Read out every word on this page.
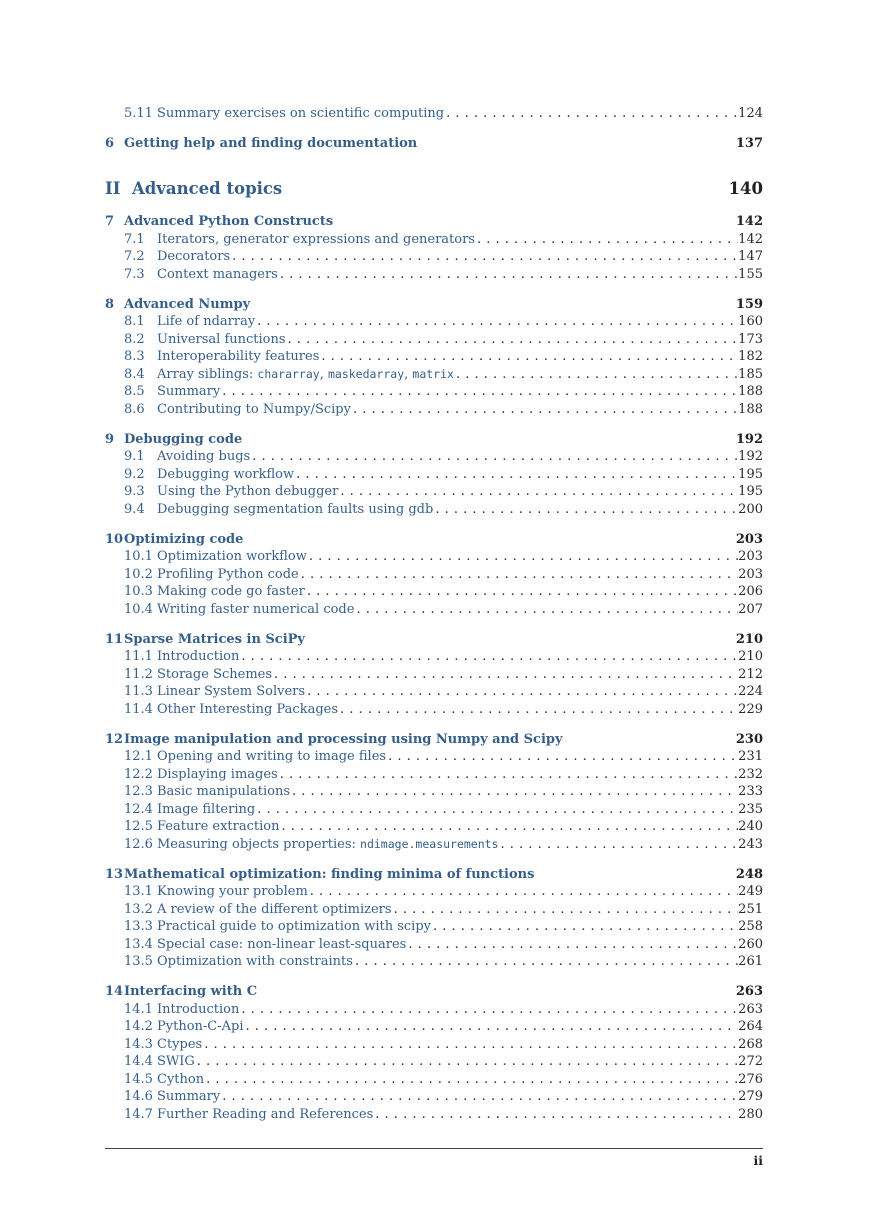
5.11 Summary exercises on scientific computing . . .	124
6 Getting help and finding documentation	137
II Advanced topics	140
7 Advanced Python Constructs	142
7.1 Iterators, generator expressions and generators . . .	142
7.2 Decorators . . .	147
7.3 Context managers . . .	155
8 Advanced Numpy	159
8.1 Life of ndarray . . .	160
8.2 Universal functions . . .	173
8.3 Interoperability features . . .	182
8.4 Array siblings: chararray, maskedarray, matrix . . .	185
8.5 Summary . . .	188
8.6 Contributing to Numpy/Scipy . . .	188
9 Debugging code	192
9.1 Avoiding bugs . . .	192
9.2 Debugging workflow . . .	195
9.3 Using the Python debugger . . .	195
9.4 Debugging segmentation faults using gdb . . .	200
10 Optimizing code	203
10.1 Optimization workflow . . .	203
10.2 Profiling Python code . . .	203
10.3 Making code go faster . . .	206
10.4 Writing faster numerical code . . .	207
11 Sparse Matrices in SciPy	210
11.1 Introduction . . .	210
11.2 Storage Schemes . . .	212
11.3 Linear System Solvers . . .	224
11.4 Other Interesting Packages . . .	229
12 Image manipulation and processing using Numpy and Scipy	230
12.1 Opening and writing to image files . . .	231
12.2 Displaying images . . .	232
12.3 Basic manipulations . . .	233
12.4 Image filtering . . .	235
12.5 Feature extraction . . .	240
12.6 Measuring objects properties: ndimage.measurements . . .	243
13 Mathematical optimization: finding minima of functions	248
13.1 Knowing your problem . . .	249
13.2 A review of the different optimizers . . .	251
13.3 Practical guide to optimization with scipy . . .	258
13.4 Special case: non-linear least-squares . . .	260
13.5 Optimization with constraints . . .	261
14 Interfacing with C	263
14.1 Introduction . . .	263
14.2 Python-C-Api . . .	264
14.3 Ctypes . . .	268
14.4 SWIG . . .	272
14.5 Cython . . .	276
14.6 Summary . . .	279
14.7 Further Reading and References . . .	280
ii
